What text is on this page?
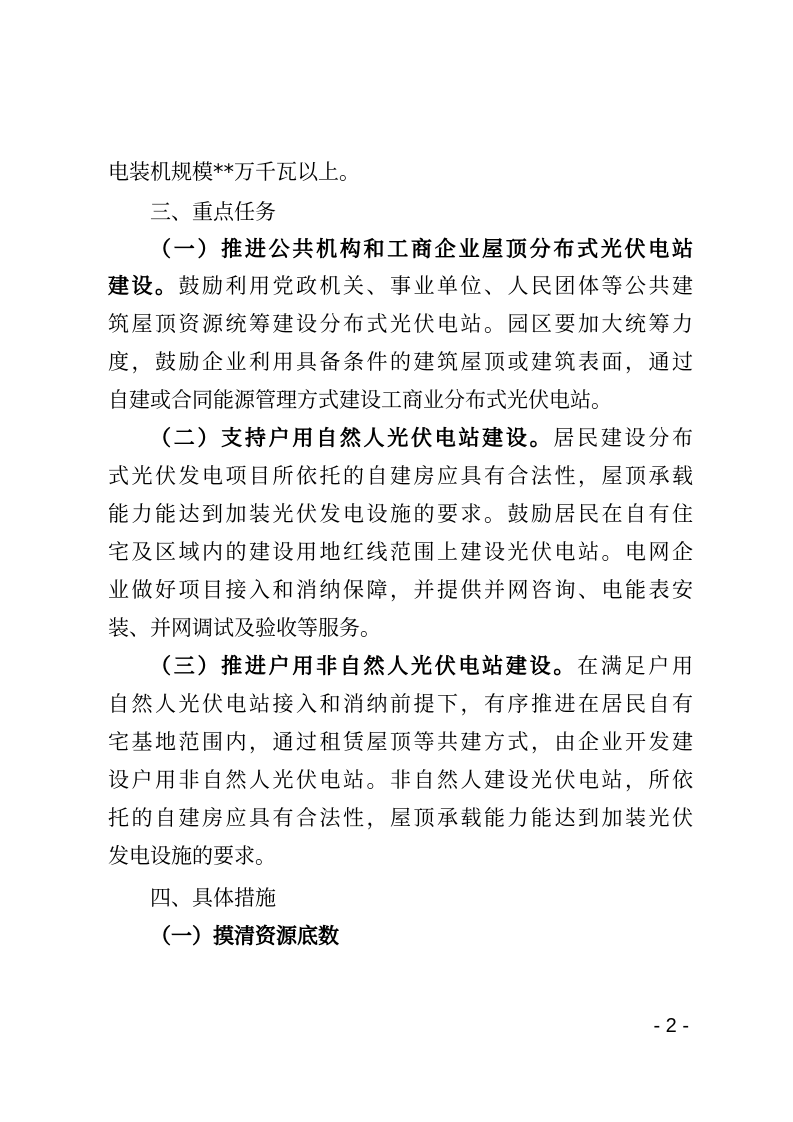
电装机规模**万千瓦以上。
三、重点任务
（一）推进公共机构和工商企业屋顶分布式光伏电站
建设。鼓励利用党政机关、事业单位、人民团体等公共建
筑屋顶资源统筹建设分布式光伏电站。园区要加大统筹力
度，鼓励企业利用具备条件的建筑屋顶或建筑表面，通过
自建或合同能源管理方式建设工商业分布式光伏电站。
（二）支持户用自然人光伏电站建设。居民建设分布
式光伏发电项目所依托的自建房应具有合法性，屋顶承载
能力能达到加装光伏发电设施的要求。鼓励居民在自有住
宅及区域内的建设用地红线范围上建设光伏电站。电网企
业做好项目接入和消纳保障，并提供并网咨询、电能表安
装、并网调试及验收等服务。
（三）推进户用非自然人光伏电站建设。在满足户用
自然人光伏电站接入和消纳前提下，有序推进在居民自有
宅基地范围内，通过租赁屋顶等共建方式，由企业开发建
设户用非自然人光伏电站。非自然人建设光伏电站，所依
托的自建房应具有合法性，屋顶承载能力能达到加装光伏
发电设施的要求。
四、具体措施
（一）摸清资源底数
- 2 -
